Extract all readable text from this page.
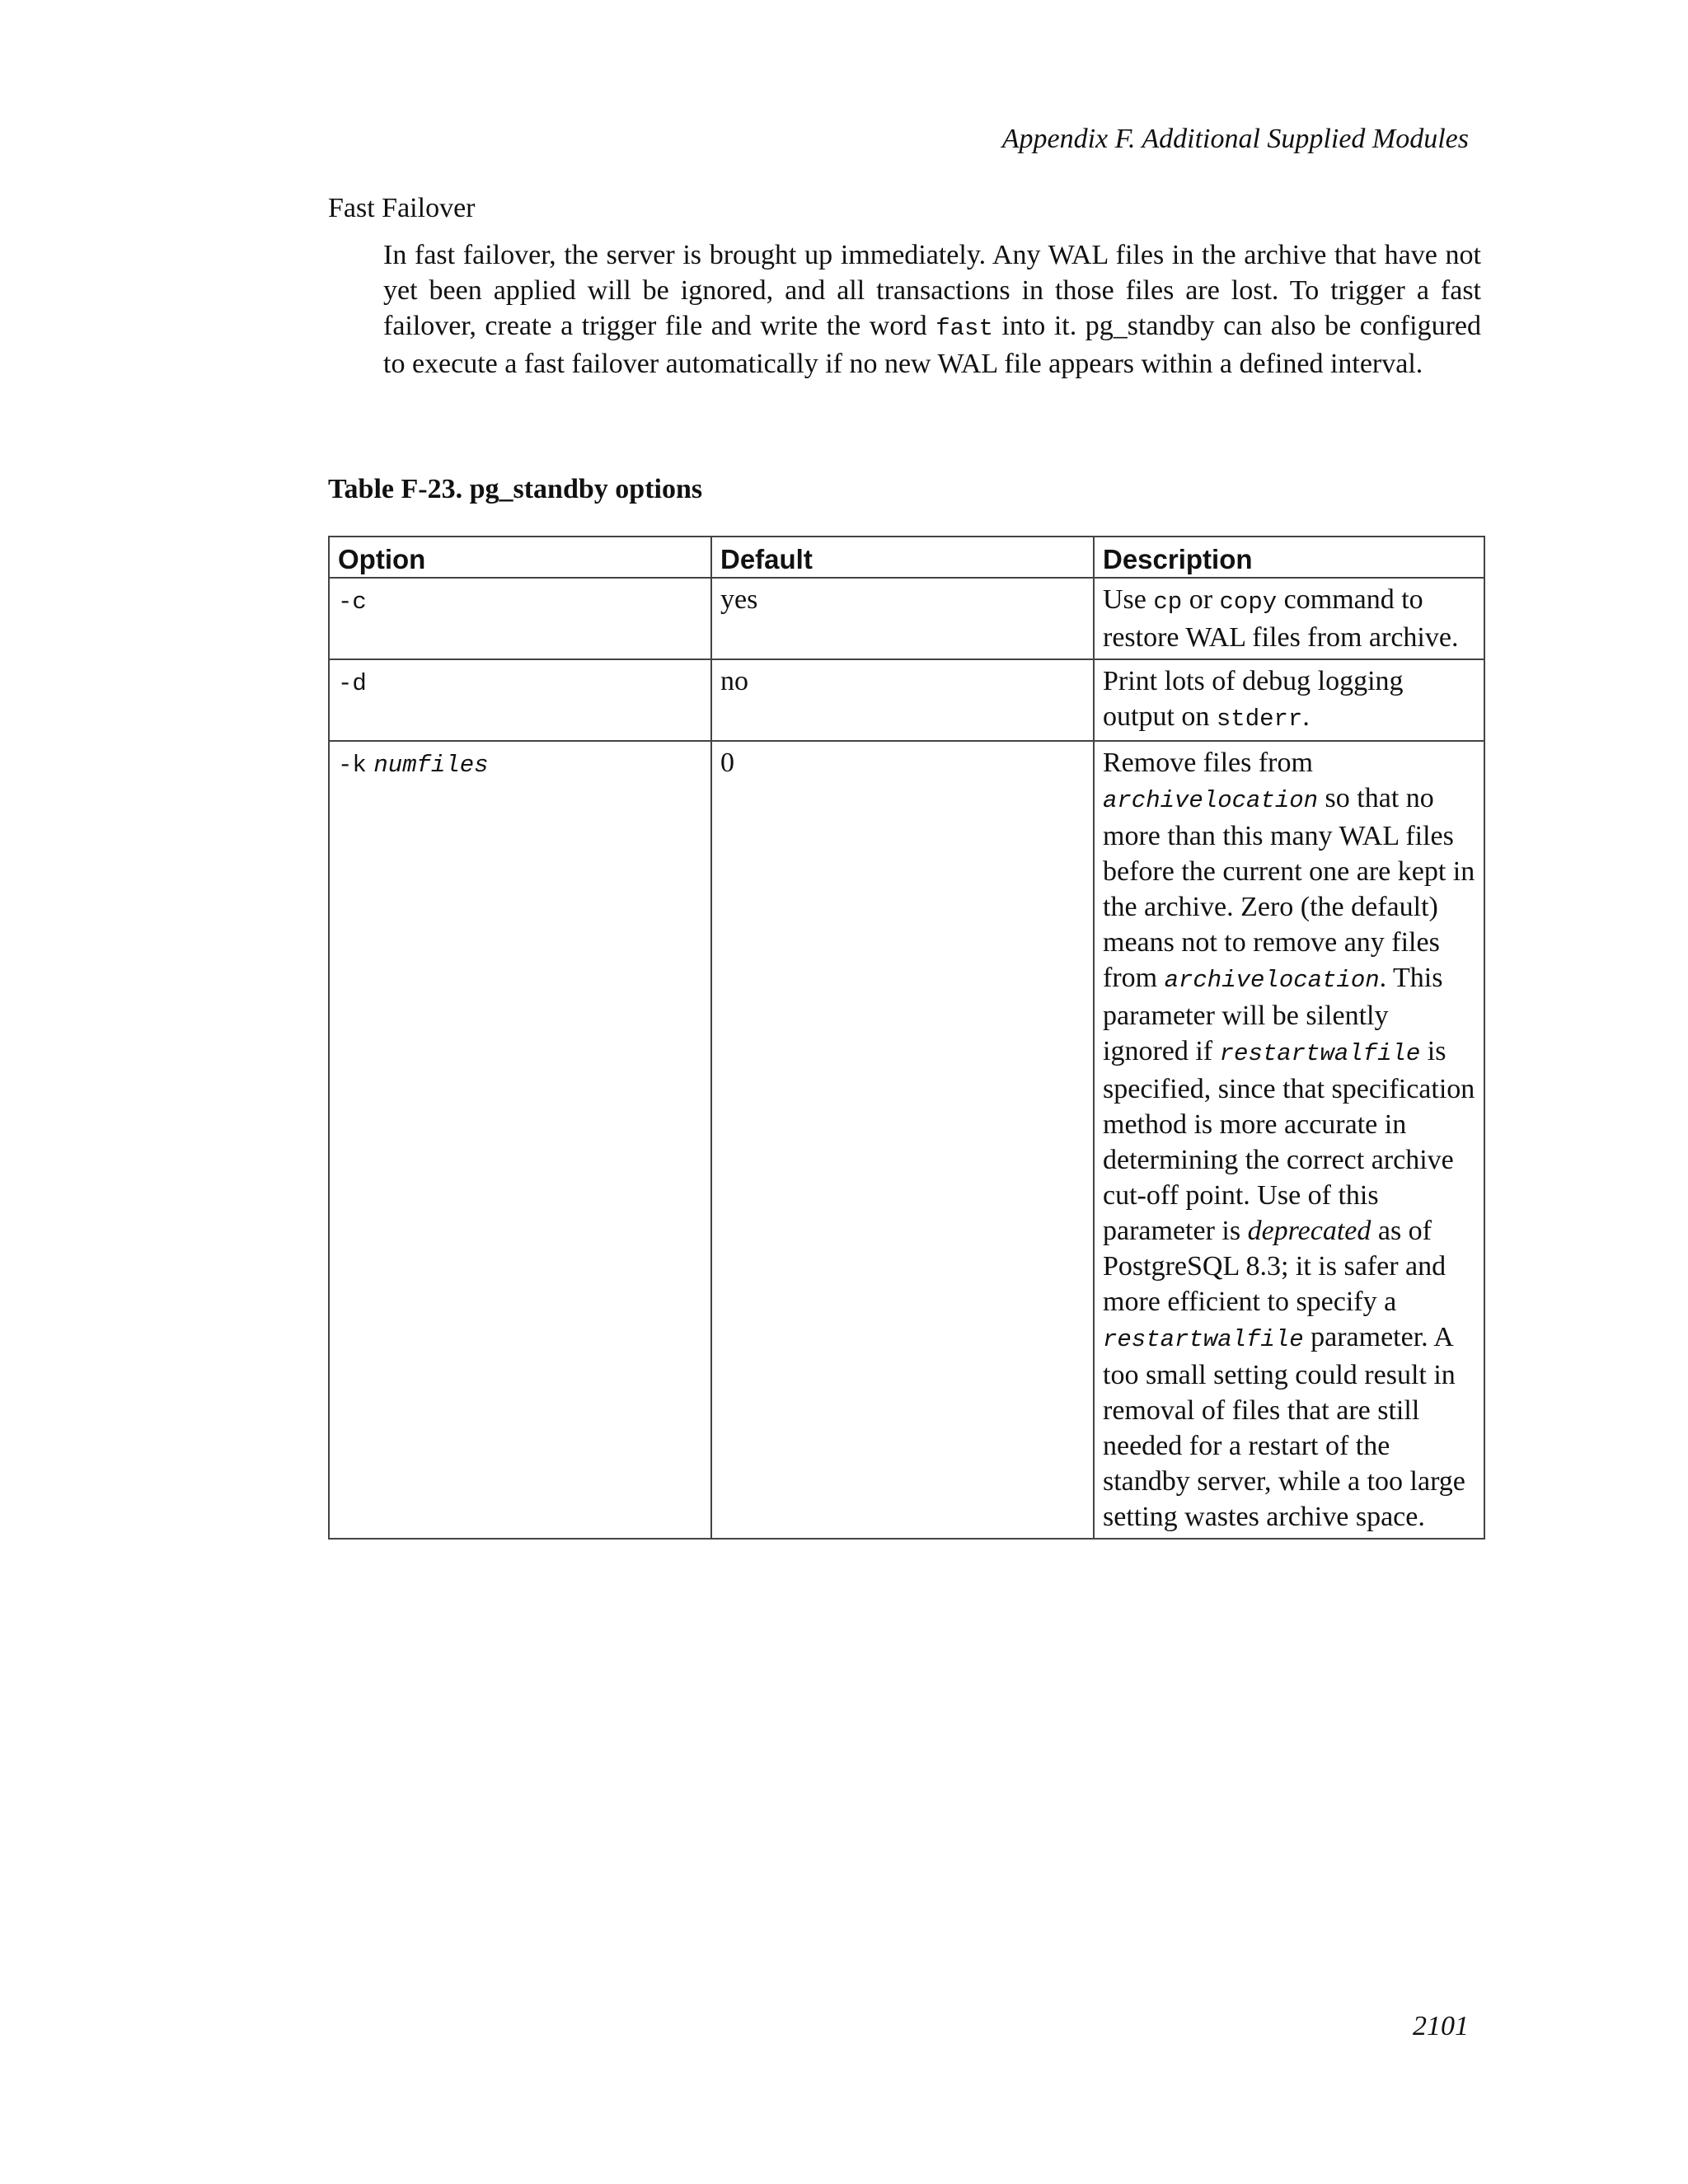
Appendix F. Additional Supplied Modules
Fast Failover
In fast failover, the server is brought up immediately. Any WAL files in the archive that have not yet been applied will be ignored, and all transactions in those files are lost. To trigger a fast failover, create a trigger file and write the word fast into it. pg_standby can also be configured to execute a fast failover automatically if no new WAL file appears within a defined interval.
Table F-23. pg_standby options
Option	Default	Description
-c	yes	Use cp or copy command to restore WAL files from archive.
-d	no	Print lots of debug logging output on stderr.
-k numfiles	0	Remove files from archivelocation so that no more than this many WAL files before the current one are kept in the archive. Zero (the default) means not to remove any files from archivelocation. This parameter will be silently ignored if restartwalfile is specified, since that specification method is more accurate in determining the correct archive cut-off point. Use of this parameter is deprecated as of PostgreSQL 8.3; it is safer and more efficient to specify a restartwalfile parameter. A too small setting could result in removal of files that are still needed for a restart of the standby server, while a too large setting wastes archive space.
2101
